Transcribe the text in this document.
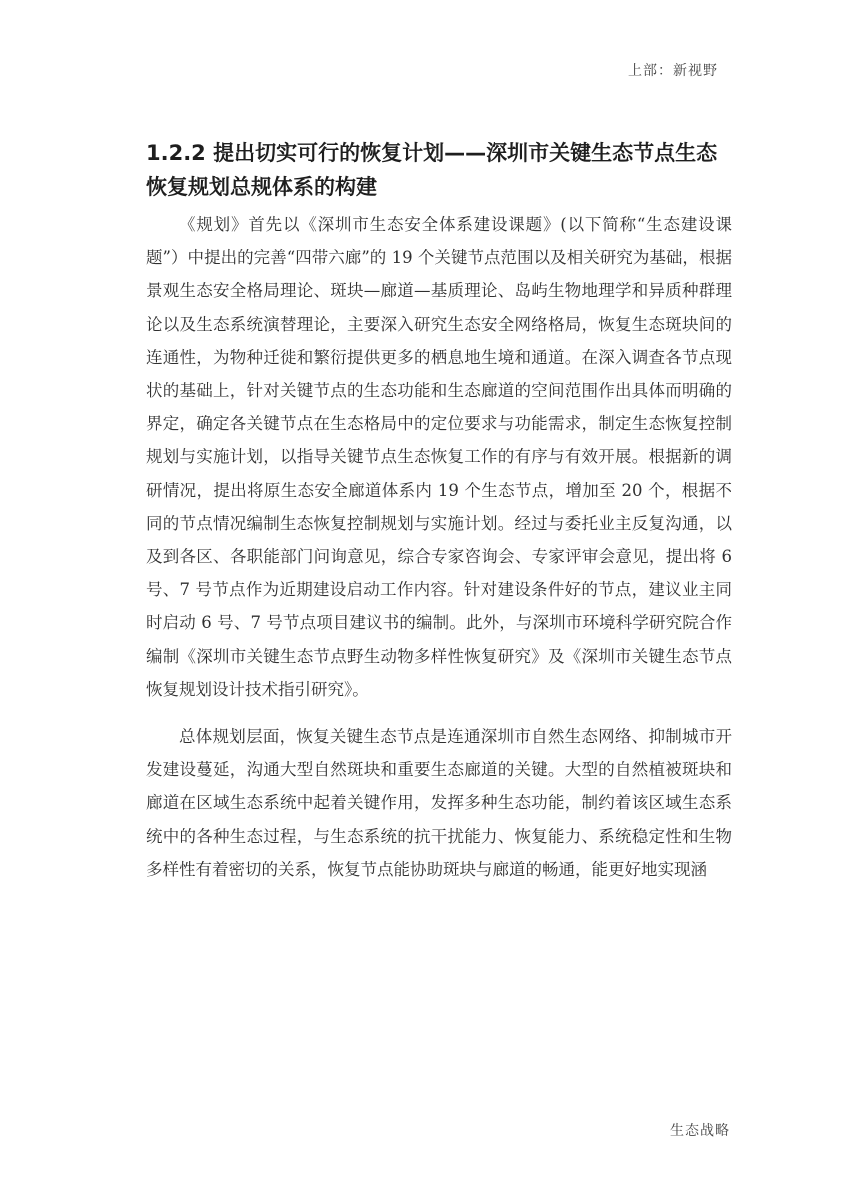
上部：新视野
1.2.2 提出切实可行的恢复计划——深圳市关键生态节点生态恢复规划总规体系的构建

《规划》首先以《深圳市生态安全体系建设课题》(以下简称“生态建设课题”）中提出的完善“四带六廊”的 19 个关键节点范围以及相关研究为基础，根据景观生态安全格局理论、斑块—廊道—基质理论、岛屿生物地理学和异质种群理论以及生态系统演替理论，主要深入研究生态安全网络格局，恢复生态斑块间的连通性，为物种迁徙和繁衍提供更多的栖息地生境和通道。在深入调查各节点现状的基础上，针对关键节点的生态功能和生态廊道的空间范围作出具体而明确的界定，确定各关键节点在生态格局中的定位要求与功能需求，制定生态恢复控制规划与实施计划，以指导关键节点生态恢复工作的有序与有效开展。根据新的调研情况，提出将原生态安全廊道体系内 19 个生态节点，增加至 20 个，根据不同的节点情况编制生态恢复控制规划与实施计划。经过与委托业主反复沟通，以及到各区、各职能部门问询意见，综合专家咨询会、专家评审会意见，提出将 6 号、7 号节点作为近期建设启动工作内容。针对建设条件好的节点，建议业主同时启动 6 号、7 号节点项目建议书的编制。此外，与深圳市环境科学研究院合作编制《深圳市关键生态节点野生动物多样性恢复研究》及《深圳市关键生态节点恢复规划设计技术指引研究》。

总体规划层面，恢复关键生态节点是连通深圳市自然生态网络、抑制城市开发建设蔓延，沟通大型自然斑块和重要生态廊道的关键。大型的自然植被斑块和廊道在区域生态系统中起着关键作用，发挥多种生态功能，制约着该区域生态系统中的各种生态过程，与生态系统的抗干扰能力、恢复能力、系统稳定性和生物多样性有着密切的关系，恢复节点能协助斑块与廊道的畅通，能更好地实现涵

生态战略
